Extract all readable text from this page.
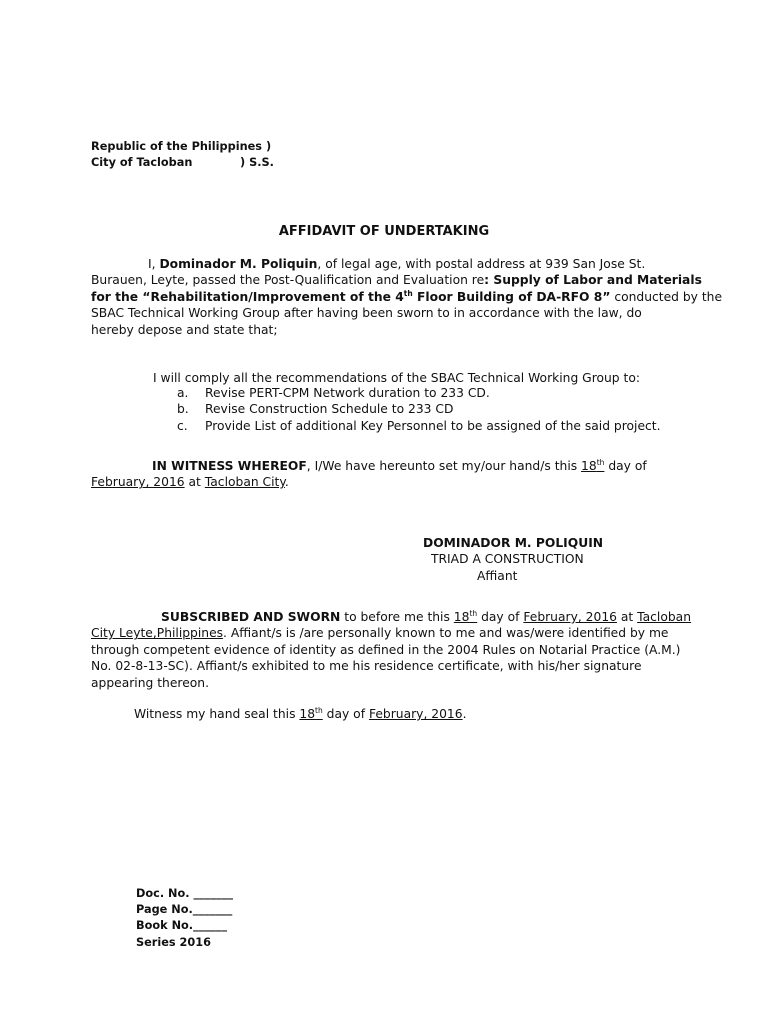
Republic of the Philippines )
City of Tacloban	) S.S.
AFFIDAVIT OF UNDERTAKING
I, Dominador M. Poliquin, of legal age, with postal address at 939 San Jose St.
Burauen, Leyte, passed the Post-Qualification and Evaluation re: Supply of Labor and Materials
for the “Rehabilitation/Improvement of the 4th Floor Building of DA-RFO 8” conducted by the
SBAC Technical Working Group after having been sworn to in accordance with the law, do
hereby depose and state that;
I will comply all the recommendations of the SBAC Technical Working Group to:
a. Revise PERT-CPM Network duration to 233 CD.
b. Revise Construction Schedule to 233 CD
c. Provide List of additional Key Personnel to be assigned of the said project.
IN WITNESS WHEREOF, I/We have hereunto set my/our hand/s this 18th day of
February, 2016 at Tacloban City.
DOMINADOR M. POLIQUIN
TRIAD A CONSTRUCTION
Affiant
SUBSCRIBED AND SWORN to before me this 18th day of February, 2016 at Tacloban
City Leyte,Philippines. Affiant/s is /are personally known to me and was/were identified by me
through competent evidence of identity as defined in the 2004 Rules on Notarial Practice (A.M.)
No. 02-8-13-SC). Affiant/s exhibited to me his residence certificate, with his/her signature
appearing thereon.
Witness my hand seal this 18th day of February, 2016.
Doc. No. _______
Page No._______
Book No.______
Series 2016
